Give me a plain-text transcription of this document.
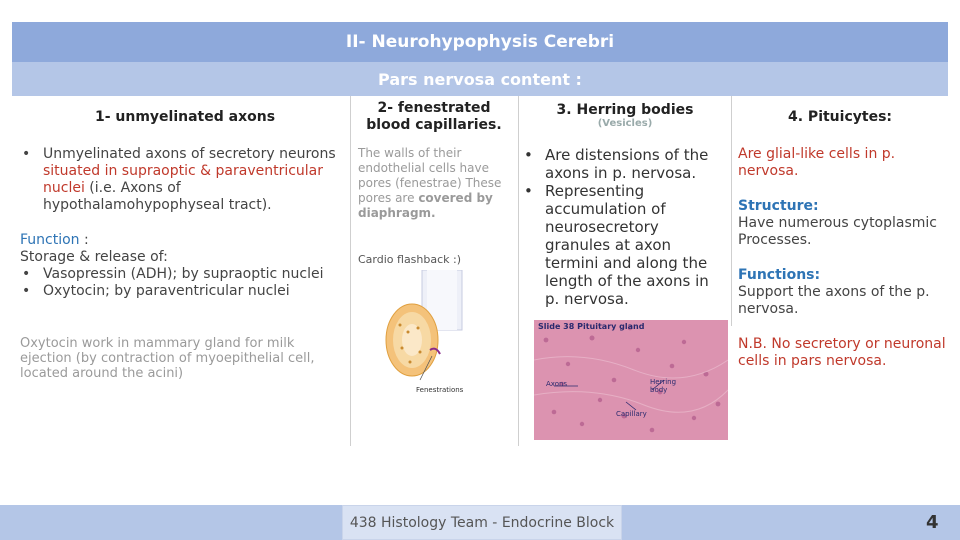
II- Neurohypophysis Cerebri
Pars nervosa content :
1- unmyelinated axons
• Unmyelinated axons of secretory neurons situated in supraoptic & paraventricular nuclei (i.e. Axons of hypothalamohypophyseal tract).
Function :
Storage & release of:
• Vasopressin (ADH); by supraoptic nuclei
• Oxytocin; by paraventricular nuclei
Oxytocin work in mammary gland for milk ejection (by contraction of myoepithelial cell, located around the acini)
2- fenestrated blood capillaries.
The walls of their endothelial cells have pores (fenestrae) These pores are covered by diaphragm.
Cardio flashback :)
Fenestrations
3. Herring bodies
(Vesicles)
• Are distensions of the axons in p. nervosa.
• Representing accumulation of neurosecretory granules at axon termini and along the length of the axons in p. nervosa.
Slide 38 Pituitary gland
Axons	Herring body
Capillary
4. Pituicytes:
Are glial-like cells in p. nervosa.
Structure:
Have numerous cytoplasmic Processes.
Functions:
Support the axons of the p. nervosa.
N.B. No secretory or neuronal cells in pars nervosa.
438 Histology Team - Endocrine Block	4
